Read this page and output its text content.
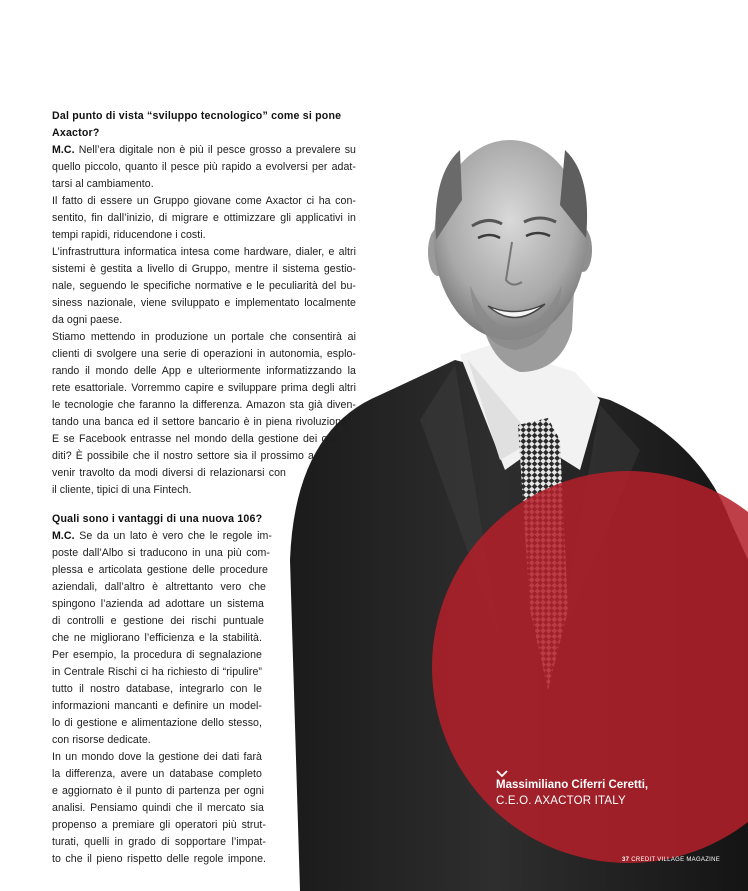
Dal punto di vista “sviluppo tecnologico” come si pone
Axactor?
M.C. Nell’era digitale non è più il pesce grosso a prevalere su
quello piccolo, quanto il pesce più rapido a evolversi per adat-
tarsi al cambiamento.
Il fatto di essere un Gruppo giovane come Axactor ci ha con-
sentito, fin dall’inizio, di migrare e ottimizzare gli applicativi in
tempi rapidi, riducendone i costi.
L’infrastruttura informatica intesa come hardware, dialer, e altri
sistemi è gestita a livello di Gruppo, mentre il sistema gestio-
nale, seguendo le specifiche normative e le peculiarità del bu-
siness nazionale, viene sviluppato e implementato localmente
da ogni paese.
Stiamo mettendo in produzione un portale che consentirà ai
clienti di svolgere una serie di operazioni in autonomia, esplo-
rando il mondo delle App e ulteriormente informatizzando la
rete esattoriale. Vorremmo capire e sviluppare prima degli altri
le tecnologie che faranno la differenza. Amazon sta già diven-
tando una banca ed il settore bancario è in piena rivoluzione.
E se Facebook entrasse nel mondo della gestione dei cre-
diti? È possibile che il nostro settore sia il prossimo a
venir travolto da modi diversi di relazionarsi con
il cliente, tipici di una Fintech.
Quali sono i vantaggi di una nuova 106?
M.C. Se da un lato è vero che le regole im-
poste dall’Albo si traducono in una più com-
plessa e articolata gestione delle procedure
aziendali, dall’altro è altrettanto vero che
spingono l’azienda ad adottare un sistema
di controlli e gestione dei rischi puntuale
che ne migliorano l’efficienza e la stabilità.
Per esempio, la procedura di segnalazione
in Centrale Rischi ci ha richiesto di “ripulire”
tutto il nostro database, integrarlo con le
informazioni mancanti e definire un model-
lo di gestione e alimentazione dello stesso,
con risorse dedicate.
In un mondo dove la gestione dei dati farà
la differenza, avere un database completo
e aggiornato è il punto di partenza per ogni
analisi. Pensiamo quindi che il mercato sia
propenso a premiare gli operatori più strut-
turati, quelli in grado di sopportare l’impat-
to che il pieno rispetto delle regole impone.
Massimiliano Ciferri Ceretti,
C.E.O. AXACTOR ITALY
37 CREDIT VILLAGE MAGAZINE
